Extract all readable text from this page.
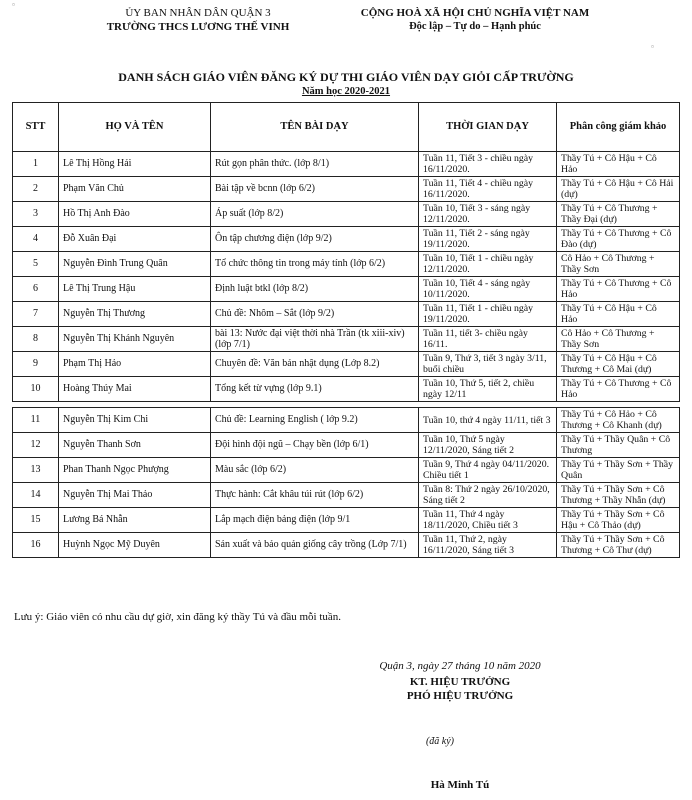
▫
▫
ỦY BAN NHÂN DÂN QUẬN 3
TRƯỜNG THCS LƯƠNG THẾ VINH
CỘNG HOÀ XÃ HỘI CHỦ NGHĨA VIỆT NAM
Độc lập – Tự do – Hạnh phúc
DANH SÁCH GIÁO VIÊN ĐĂNG KÝ DỰ THI GIÁO VIÊN DẠY GIỎI CẤP TRƯỜNG
Năm học 2020-2021
STT	HỌ VÀ TÊN	TÊN BÀI DẠY	THỜI GIAN DẠY	Phân công giám khảo
1	Lê Thị Hồng Hải	Rút gọn phân thức. (lớp 8/1)	Tuần 11, Tiết 3 - chiều ngày 16/11/2020.	Thầy Tú + Cô Hậu + Cô Hảo
2	Phạm Văn Chủ	Bài tập về bcnn (lớp 6/2)	Tuần 11, Tiết 4 - chiều ngày 16/11/2020.	Thầy Tú + Cô Hậu + Cô Hải (dự)
3	Hồ Thị Anh Đào	Áp suất (lớp 8/2)	Tuần 10, Tiết 3 - sáng ngày 12/11/2020.	Thầy Tú + Cô Thương + Thầy Đại (dự)
4	Đỗ Xuân Đại	Ôn tập chương điện (lớp 9/2)	Tuần 11, Tiết 2 - sáng ngày 19/11/2020.	Thầy Tú + Cô Thương + Cô Đào (dự)
5	Nguyễn Đình Trung Quân	Tổ chức thông tin trong máy tính (lớp 6/2)	Tuần 10, Tiết 1 - chiều ngày 12/11/2020.	Cô Hảo + Cô Thương + Thầy Sơn
6	Lê Thị Trung Hậu	Định luật btkl (lớp 8/2)	Tuần 10, Tiết 4 - sáng ngày 10/11/2020.	Thầy Tú + Cô Thương + Cô Hảo
7	Nguyễn Thị Thương	Chủ đề: Nhôm – Sắt (lớp 9/2)	Tuần 11, Tiết 1 - chiều ngày 19/11/2020.	Thầy Tú + Cô Hậu + Cô Hảo
8	Nguyễn Thị Khánh Nguyên	bài 13: Nước đại việt thời nhà Trần (tk xiii-xiv) (lớp 7/1)	Tuần 11, tiết 3- chiều ngày 16/11.	Cô Hảo + Cô Thương + Thầy Sơn
9	Phạm Thị Hảo	Chuyên đề: Văn bản nhật dụng (Lớp 8.2)	Tuần 9, Thứ 3, tiết 3 ngày 3/11, buổi chiều	Thầy Tú + Cô Hậu + Cô Thương + Cô Mai (dự)
10	Hoàng Thúy Mai	Tổng kết từ vựng (lớp 9.1)	Tuần 10, Thứ 5, tiết 2, chiều ngày 12/11	Thầy Tú + Cô Thương + Cô Hảo

11	Nguyễn Thị Kim Chi	Chủ đề: Learning English ( lớp 9.2)	Tuần 10, thứ 4 ngày 11/11, tiết 3	Thầy Tú + Cô Hảo + Cô Thương + Cô Khanh (dự)
12	Nguyễn Thanh Sơn	Đội hình đội ngũ – Chạy bền (lớp 6/1)	Tuần 10, Thứ 5 ngày 12/11/2020, Sáng tiết 2	Thầy Tú + Thầy Quân + Cô Thương
13	Phan Thanh Ngọc Phượng	Màu sắc (lớp 6/2)	Tuần 9, Thứ 4 ngày 04/11/2020. Chiều tiết 1	Thầy Tú + Thầy Sơn + Thầy Quân
14	Nguyễn Thị Mai Thảo	Thực hành: Cắt khâu túi rút (lớp 6/2)	Tuần 8: Thứ 2 ngày 26/10/2020, Sáng tiết 2	Thầy Tú + Thầy Sơn + Cô Thương + Thầy Nhẫn (dự)
15	Lương Bá Nhẫn	Lắp mạch điện bảng điện (lớp 9/1	Tuần 11, Thứ 4 ngày 18/11/2020, Chiều tiết 3	Thầy Tú + Thầy Sơn + Cô Hậu + Cô Thảo (dự)
16	Huỳnh Ngọc Mỹ Duyên	Sản xuất và bảo quản giống cây trồng (Lớp 7/1)	Tuần 11, Thứ 2, ngày 16/11/2020, Sáng tiết 3	Thầy Tú + Thầy Sơn + Cô Thương + Cô Thư (dự)
Lưu ý: Giáo viên có nhu cầu dự giờ, xin đăng ký thầy Tú và đầu mỗi tuần.
Quận 3, ngày 27 tháng 10 năm 2020
KT. HIỆU TRƯỞNG
PHÓ HIỆU TRƯỞNG
(đã ký)
Hà Minh Tú
